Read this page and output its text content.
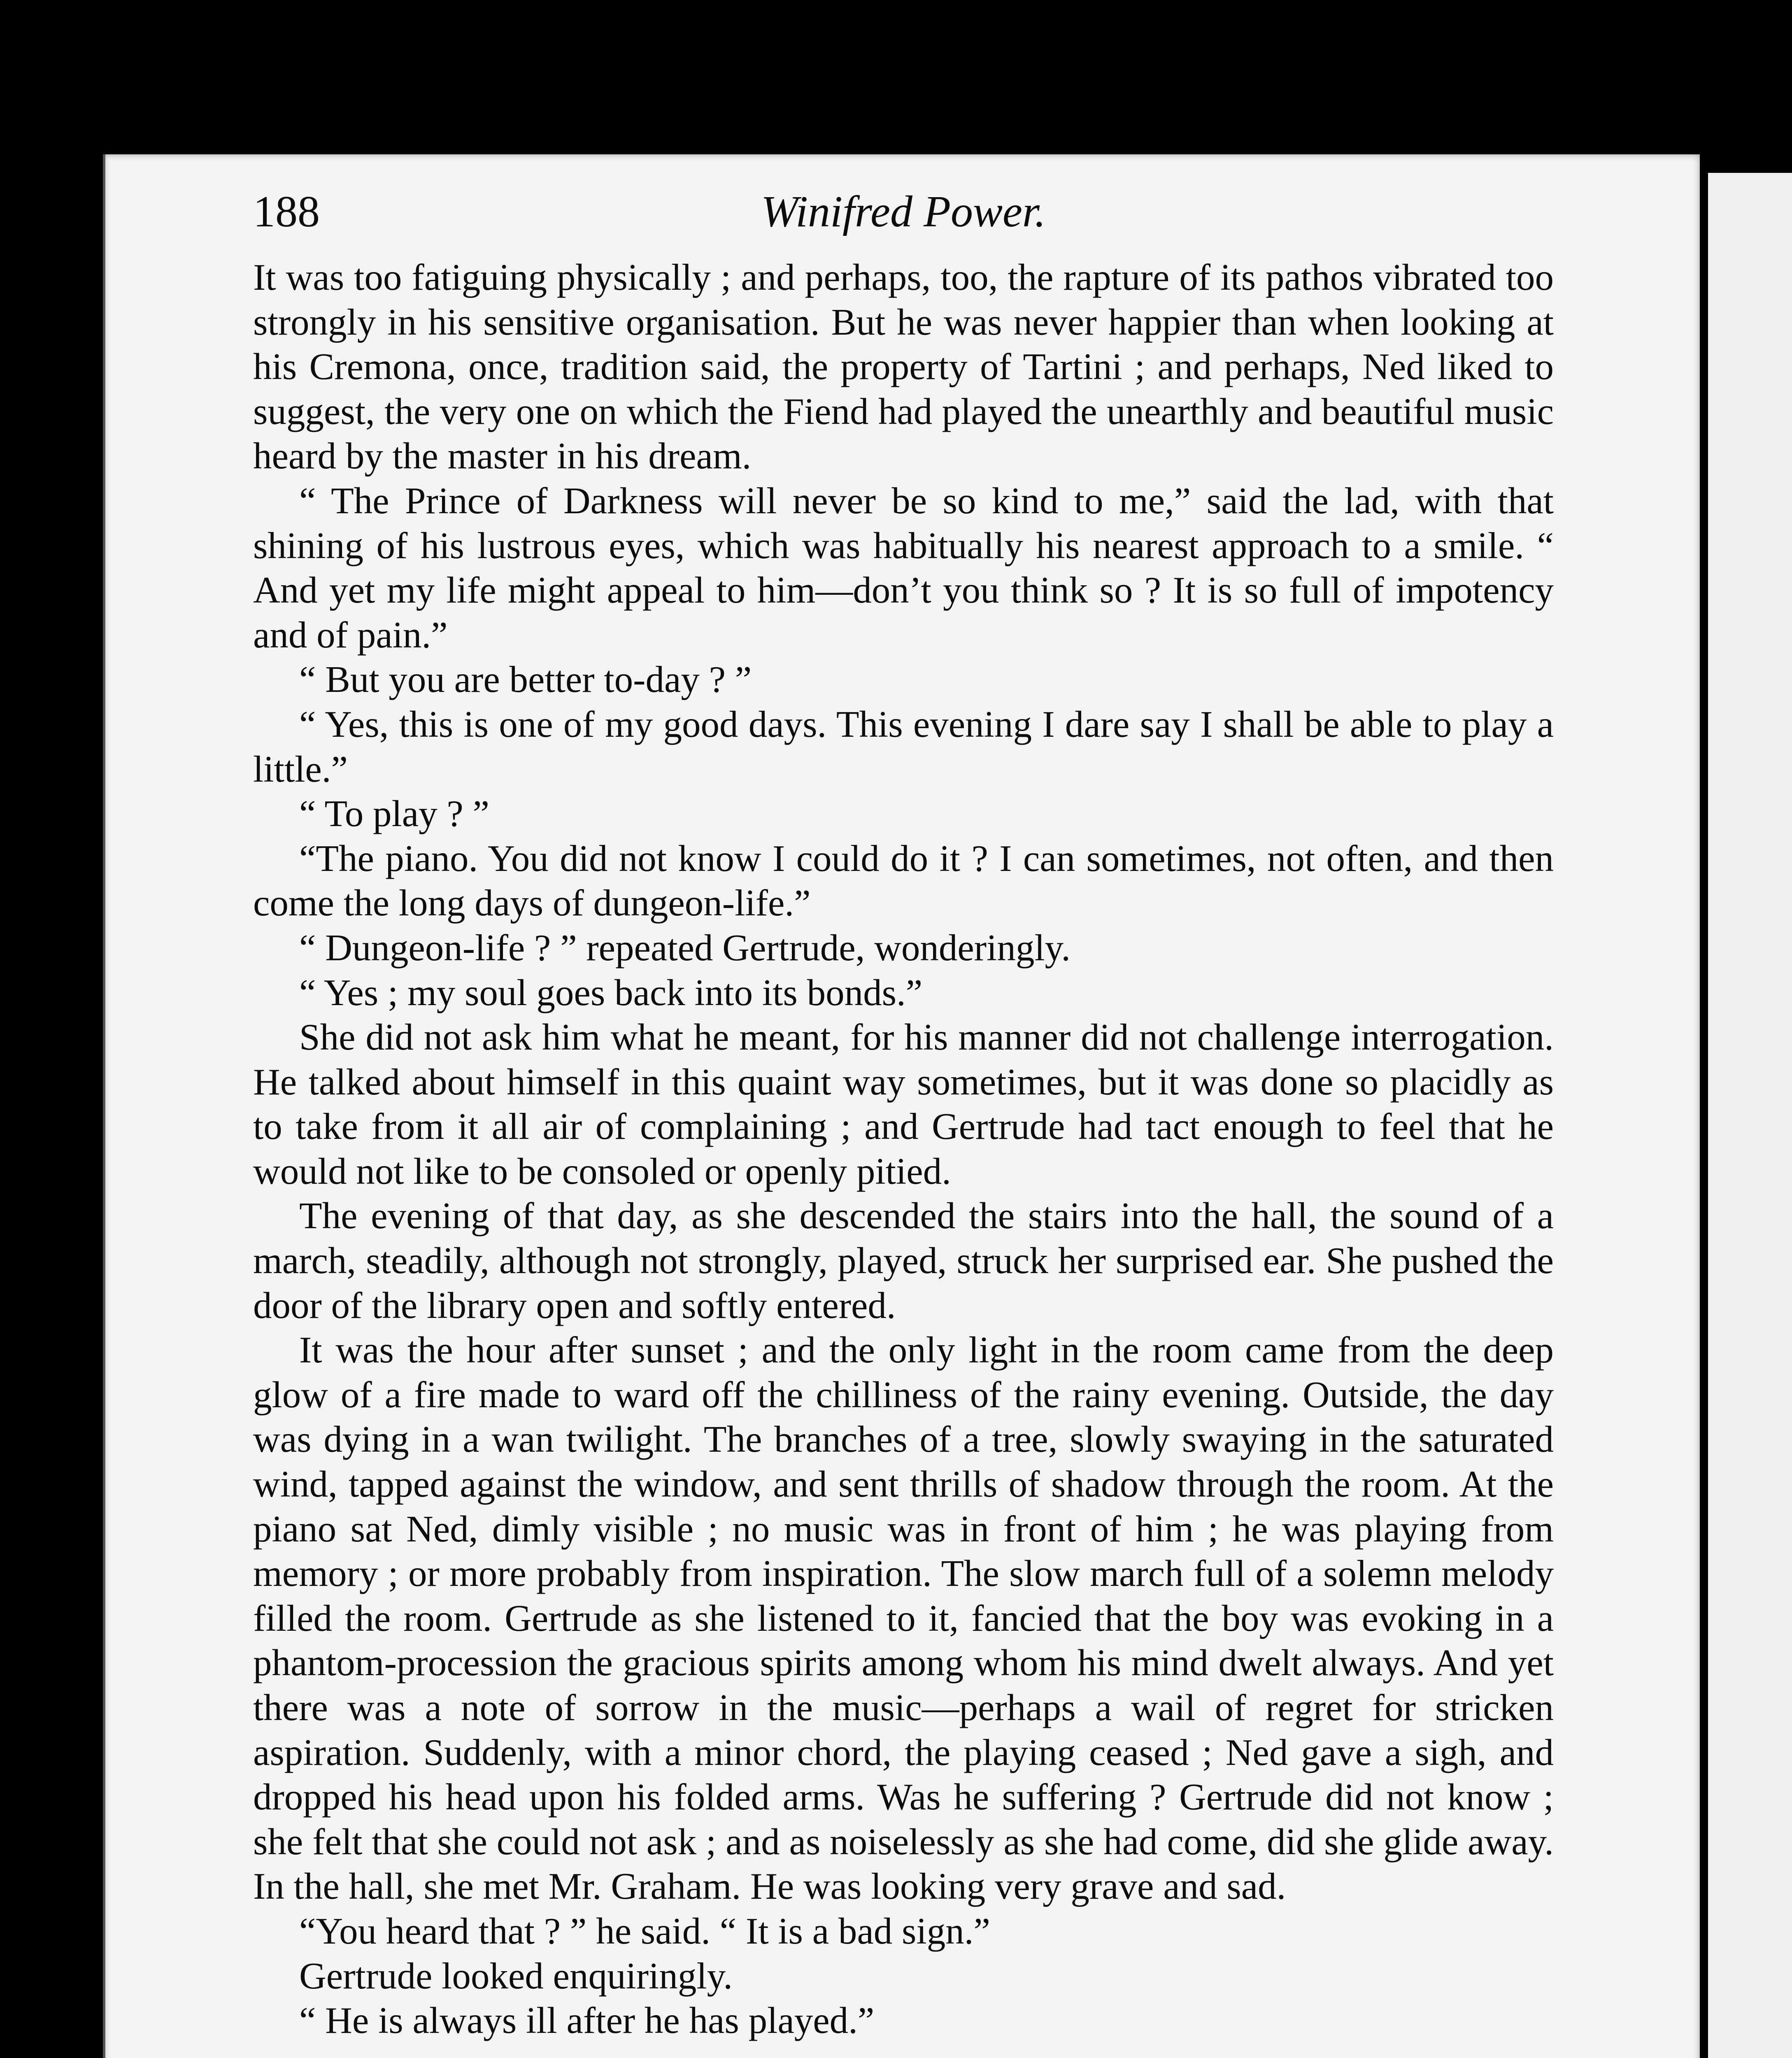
188	Winifred Power.

It was too fatiguing physically ; and perhaps, too, the rapture of its pathos vibrated too strongly in his sensitive organisation. But he was never happier than when looking at his Cremona, once, tradition said, the property of Tartini ; and perhaps, Ned liked to suggest, the very one on which the Fiend had played the unearthly and beautiful music heard by the master in his dream.

“ The Prince of Darkness will never be so kind to me,” said the lad, with that shining of his lustrous eyes, which was habitually his nearest approach to a smile. “ And yet my life might appeal to him—don’t you think so ? It is so full of impotency and of pain.”

“ But you are better to-day ? ”

“ Yes, this is one of my good days. This evening I dare say I shall be able to play a little.”

“ To play ? ”

“The piano. You did not know I could do it ? I can sometimes, not often, and then come the long days of dungeon-life.”

“ Dungeon-life ? ” repeated Gertrude, wonderingly.

“ Yes ; my soul goes back into its bonds.”

She did not ask him what he meant, for his manner did not challenge interrogation. He talked about himself in this quaint way sometimes, but it was done so placidly as to take from it all air of complaining ; and Gertrude had tact enough to feel that he would not like to be consoled or openly pitied.

The evening of that day, as she descended the stairs into the hall, the sound of a march, steadily, although not strongly, played, struck her surprised ear. She pushed the door of the library open and softly entered.

It was the hour after sunset ; and the only light in the room came from the deep glow of a fire made to ward off the chilliness of the rainy evening. Outside, the day was dying in a wan twilight. The branches of a tree, slowly swaying in the saturated wind, tapped against the window, and sent thrills of shadow through the room. At the piano sat Ned, dimly visible ; no music was in front of him ; he was playing from memory ; or more probably from inspiration. The slow march full of a solemn melody filled the room. Gertrude as she listened to it, fancied that the boy was evoking in a phantom-procession the gracious spirits among whom his mind dwelt always. And yet there was a note of sorrow in the music—perhaps a wail of regret for stricken aspiration. Suddenly, with a minor chord, the playing ceased ; Ned gave a sigh, and dropped his head upon his folded arms. Was he suffering ? Gertrude did not know ; she felt that she could not ask ; and as noiselessly as she had come, did she glide away. In the hall, she met Mr. Graham. He was looking very grave and sad.

“You heard that ? ” he said. “ It is a bad sign.”

Gertrude looked enquiringly.

“ He is always ill after he has played.”
